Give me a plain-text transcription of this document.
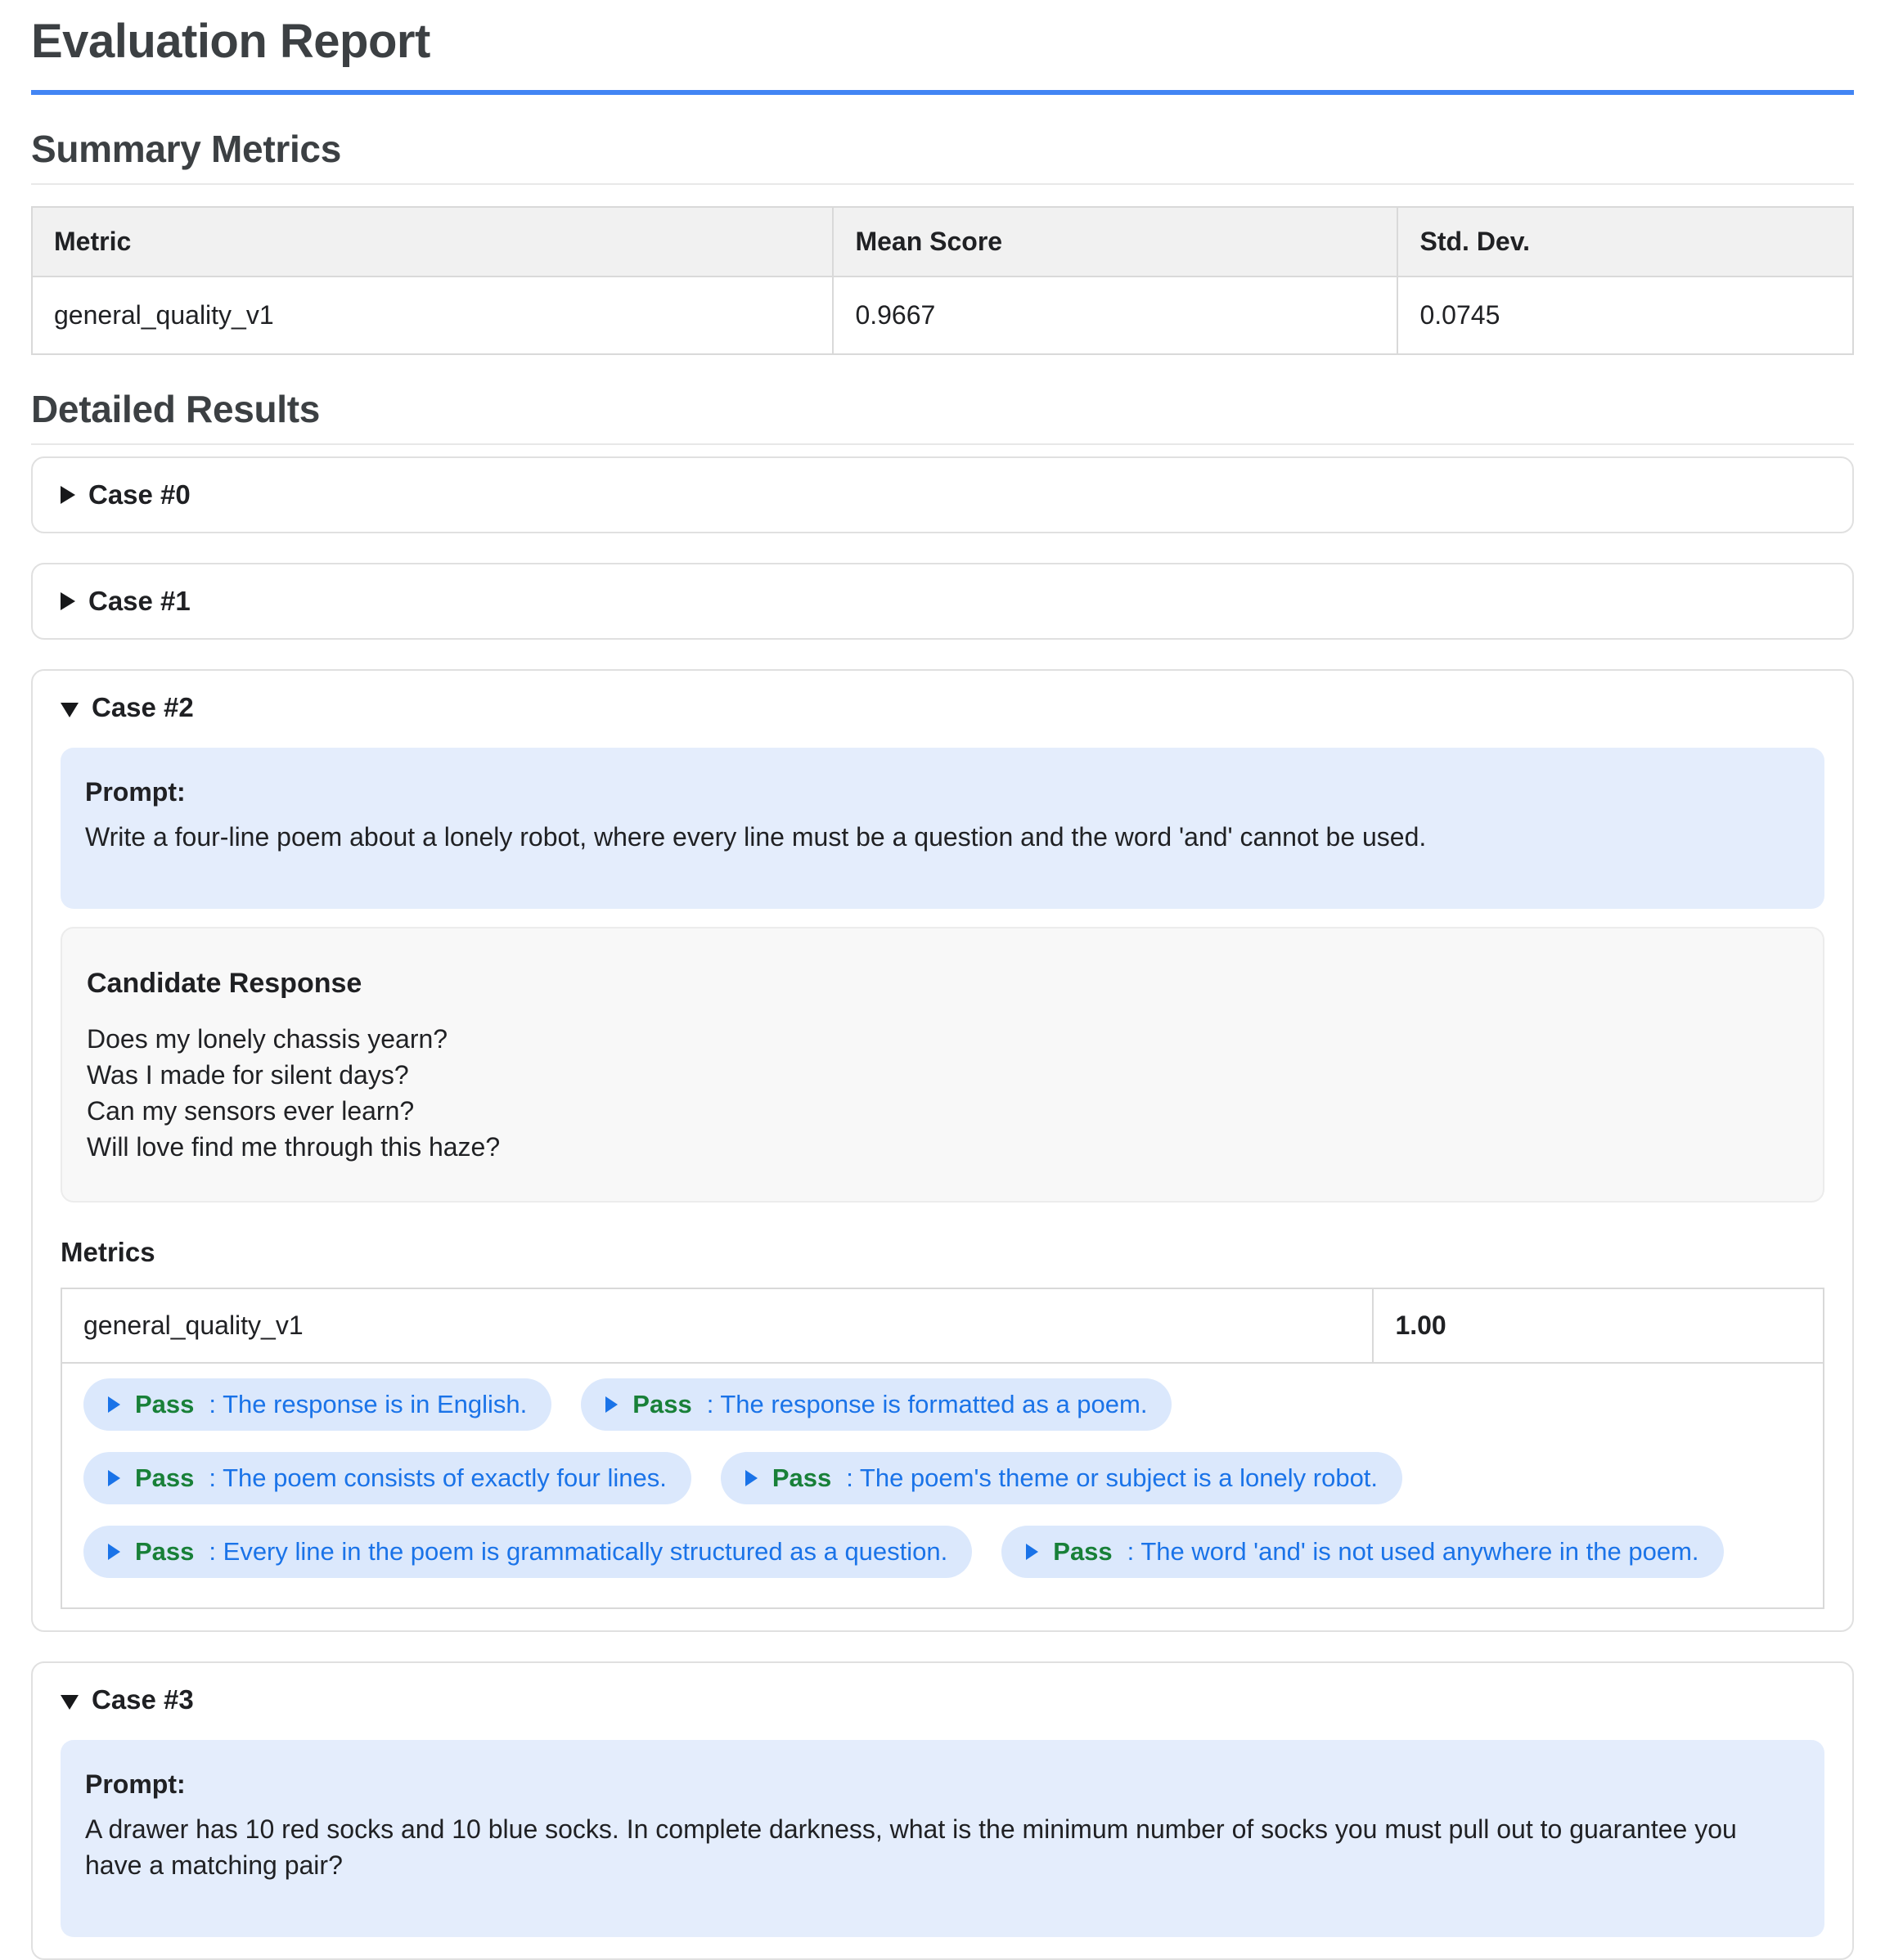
Evaluation Report
Summary Metrics
Metric	Mean Score	Std. Dev.
general_quality_v1	0.9667	0.0745
Detailed Results
Case #0
Case #1
Case #2
Prompt:

Write a four-line poem about a lonely robot, where every line must be a question and the word 'and' cannot be used.

Candidate Response
Does my lonely chassis yearn?
Was I made for silent days?
Can my sensors ever learn?
Will love find me through this haze?
Metrics
general_quality_v1	1.00
Pass : The response is in English.	Pass : The response is formatted as a poem.
Pass : The poem consists of exactly four lines.	Pass : The poem's theme or subject is a lonely robot.
Pass : Every line in the poem is grammatically structured as a question.	Pass : The word 'and' is not used anywhere in the poem.
Case #3
Prompt:

A drawer has 10 red socks and 10 blue socks. In complete darkness, what is the minimum number of socks you must pull out to guarantee you have a matching pair?
